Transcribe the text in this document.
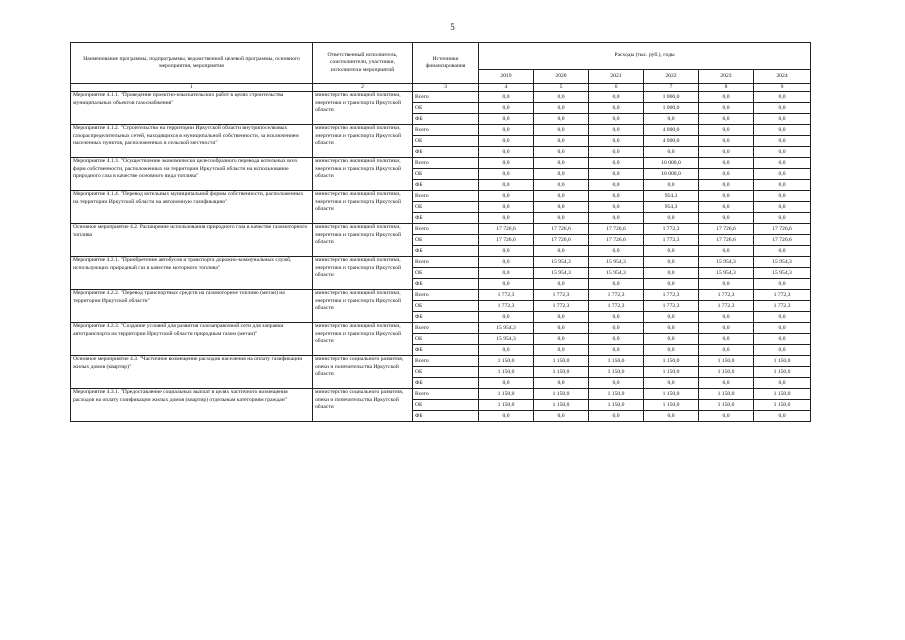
5
Наименование программы, подпрограммы, ведомственной целевой программы, основного мероприятия, мероприятия	Ответственный исполнитель, соисполнители, участники, исполнители мероприятий	Источники финансирования	Расходы (тыс. руб.), годы					
			2019	2020	2021	2022	2023	2024
1	2	3	4	5	6	7	8	9
Мероприятие 4.1.1. "Проведение проектно-изыскательских работ в целях строительства муниципальных объектов газоснабжения"	министерство жилищной политики, энергетики и транспорта Иркутской области	Всего	0,0	0,0	0,0	1 000,0	0,0	0,0
		ОБ	0,0	0,0	0,0	1 000,0	0,0	0,0
		ФБ	0,0	0,0	0,0	0,0	0,0	0,0
Мероприятие 4.1.2. "Строительство на территории Иркутской области внутрипоселковых газораспределительных сетей, находящихся в муниципальной собственности, за исключением населенных пунктов, расположенных в сельской местности"	министерство жилищной политики, энергетики и транспорта Иркутской области	Всего	0,0	0,0	0,0	4 000,0	0,0	0,0
		ОБ	0,0	0,0	0,0	4 000,0	0,0	0,0
		ФБ	0,0	0,0	0,0	0,0	0,0	0,0
Мероприятие 4.1.3. "Осуществление экономически целесообразного перевода котельных всех форм собственности, расположенных на территории Иркутской области на использование природного газа в качестве основного вида топлива"	министерство жилищной политики, энергетики и транспорта Иркутской области	Всего	0,0	0,0	0,0	10 000,0	0,0	0,0
		ОБ	0,0	0,0	0,0	10 000,0	0,0	0,0
		ФБ	0,0	0,0	0,0	0,0	0,0	0,0
Мероприятие 4.1.4. "Перевод котельных муниципальной формы собственности, расположенных на территории Иркутской области на автономную газификацию"	министерство жилищной политики, энергетики и транспорта Иркутской области	Всего	0,0	0,0	0,0	954,3	0,0	0,0
		ОБ	0,0	0,0	0,0	954,3	0,0	0,0
		ФБ	0,0	0,0	0,0	0,0	0,0	0,0
Основное мероприятие 4.2. Расширение использования природного газа в качестве газомоторного топлива	министерство жилищной политики, энергетики и транспорта Иркутской области	Всего	17 726,6	17 726,6	17 726,6	1 772,3	17 726,6	17 726,6
		ОБ	17 726,6	17 726,6	17 726,6	1 772,3	17 726,6	17 726,6
		ФБ	0,0	0,0	0,0	0,0	0,0	0,0
Мероприятие 4.2.1. "Приобретение автобусов и транспорта дорожно-коммунальных служб, использующих природный газ в качестве моторного топлива"	министерство жилищной политики, энергетики и транспорта Иркутской области	Всего	0,0	15 954,3	15 954,3	0,0	15 954,3	15 954,3
		ОБ	0,0	15 954,3	15 954,3	0,0	15 954,3	15 954,3
		ФБ	0,0	0,0	0,0	0,0	0,0	0,0
Мероприятие 4.2.2. "Перевод транспортных средств на газомоторное топливо (метан) на территории Иркутской области"	министерство жилищной политики, энергетики и транспорта Иркутской области	Всего	1 772,3	1 772,3	1 772,3	1 772,3	1 772,3	1 772,3
		ОБ	1 772,3	1 772,3	1 772,3	1 772,3	1 772,3	1 772,3
		ФБ	0,0	0,0	0,0	0,0	0,0	0,0
Мероприятие 4.2.3. "Создание условий для развития газозаправочной сети для заправки автотранспорта на территории Иркутской области природным газом (метан)"	министерство жилищной политики, энергетики и транспорта Иркутской области	Всего	15 954,3	0,0	0,0	0,0	0,0	0,0
		ОБ	15 954,3	0,0	0,0	0,0	0,0	0,0
		ФБ	0,0	0,0	0,0	0,0	0,0	0,0
Основное мероприятие 4.3. "Частичное возмещение расходов населения на оплату газификации жилых домов (квартир)"	министерство социального развития, опеки и попечительства Иркутской области	Всего	1 150,0	1 150,0	1 150,0	1 150,0	1 150,0	1 150,0
		ОБ	1 150,0	1 150,0	1 150,0	1 150,0	1 150,0	1 150,0
		ФБ	0,0	0,0	0,0	0,0	0,0	0,0
Мероприятие 4.3.1. "Предоставление социальных выплат в целях частичного возмещения расходов на оплату газификации жилых домов (квартир) отдельным категориям граждан"	министерство социального развития, опеки и попечительства Иркутской области	Всего	1 150,0	1 150,0	1 150,0	1 150,0	1 150,0	1 150,0
		ОБ	1 150,0	1 150,0	1 150,0	1 150,0	1 150,0	1 150,0
		ФБ	0,0	0,0	0,0	0,0	0,0	0,0
